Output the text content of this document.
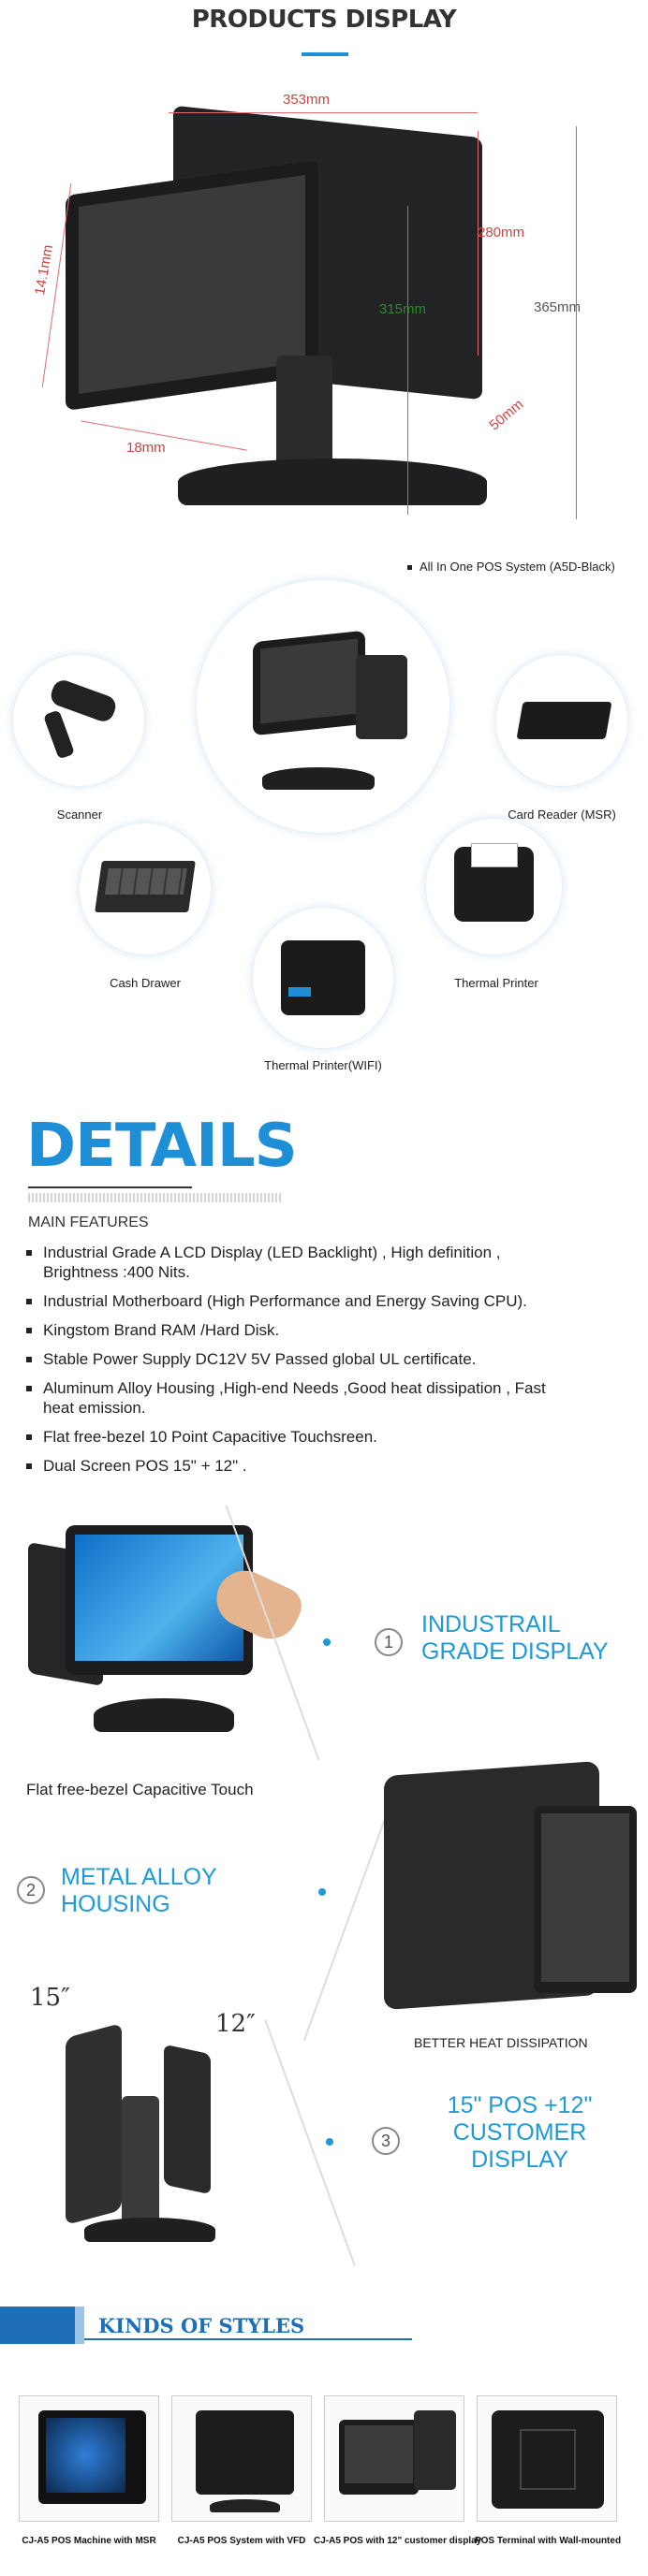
PRODUCTS DISPLAY
353mm
280mm
365mm
315mm
50mm
14.1mm
18mm
All In One POS System (A5D-Black)
Scanner	Card Reader (MSR)
Cash Drawer	Thermal Printer
Thermal Printer(WIFI)
DETAILS
MAIN FEATURES
Industrial Grade A LCD Display (LED Backlight) , High definition , Brightness :400 Nits.
Industrial Motherboard (High Performance and Energy Saving CPU).
Kingstom Brand RAM /Hard Disk.
Stable Power Supply DC12V 5V Passed global UL certificate.
Aluminum Alloy Housing ,High-end Needs ,Good heat dissipation , Fast heat emission.
Flat free-bezel 10 Point Capacitive Touchsreen.
Dual Screen POS 15" + 12" .
1
INDUSTRAIL
GRADE DISPLAY
Flat free-bezel Capacitive Touch
2	METAL ALLOY
HOUSING
BETTER HEAT DISSIPATION
15″
12″
3
15" POS +12"
CUSTOMER
DISPLAY
KINDS OF STYLES
CJ-A5 POS Machine with MSR	CJ-A5 POS System with VFD CJ-A5 POS with 12" customer display
POS Terminal with Wall-mounted
